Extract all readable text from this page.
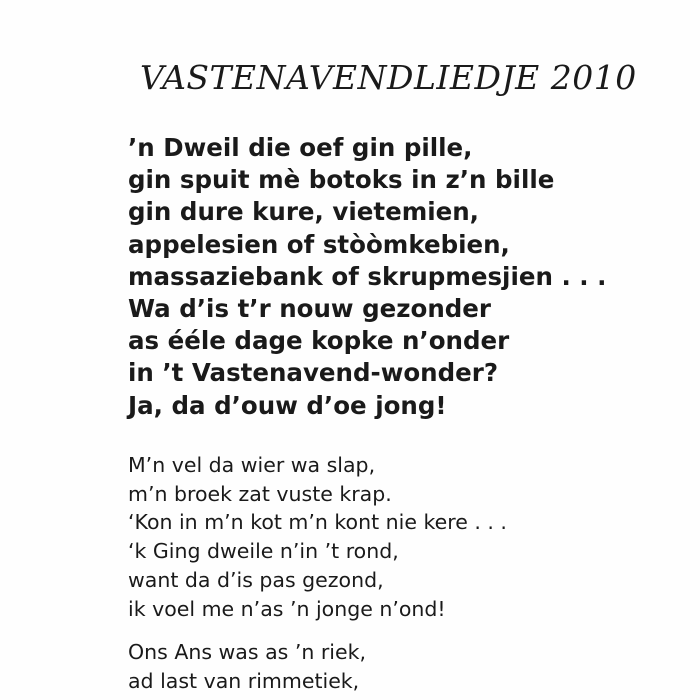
VASTENAVENDLIEDJE 2010
’n Dweil die oef gin pille,
gin spuit mè botoks in z’n bille
gin dure kure, vietemien,
appelesien of stòòmkebien,
massaziebank of skrupmesjien . . .
Wa d’is t’r nouw gezonder
as ééle dage kopke n’onder
in ’t Vastenavend-wonder?
Ja, da d’ouw d’oe jong!
M’n vel da wier wa slap,
m’n broek zat vuste krap.
‘Kon in m’n kot m’n kont nie kere . . .
‘k Ging dweile n’in ’t rond,
want da d’is pas gezond,
ik voel me n’as ’n jonge n’ond!
Ons Ans was as ’n riek,
ad last van rimmetiek,
